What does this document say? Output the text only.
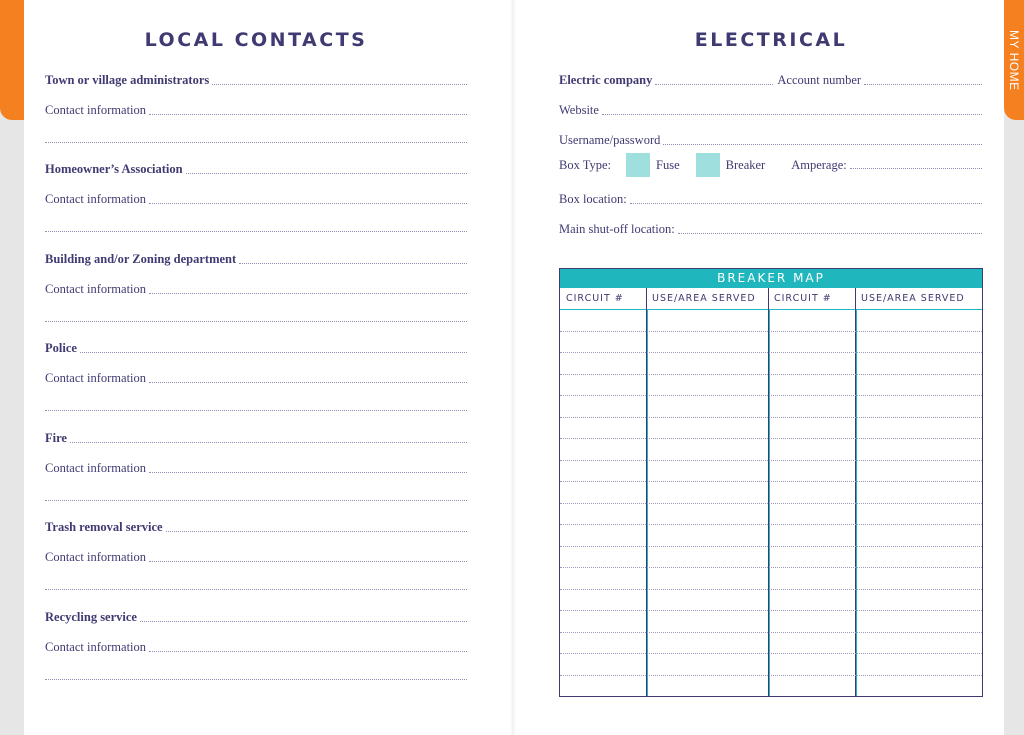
MY HOME
LOCAL CONTACTS
Town or village administrators
Contact information
Homeowner’s Association
Contact information
Building and/or Zoning department
Contact information
Police
Contact information
Fire
Contact information
Trash removal service
Contact information
Recycling service
Contact information
ELECTRICAL
Electric company	Account number
Website
Username/password
Box Type:	Fuse	Breaker Amperage:
Box location:
Main shut-off location:
BREAKER MAP
CIRCUIT #	USE/AREA SERVED	CIRCUIT #	USE/AREA SERVED
